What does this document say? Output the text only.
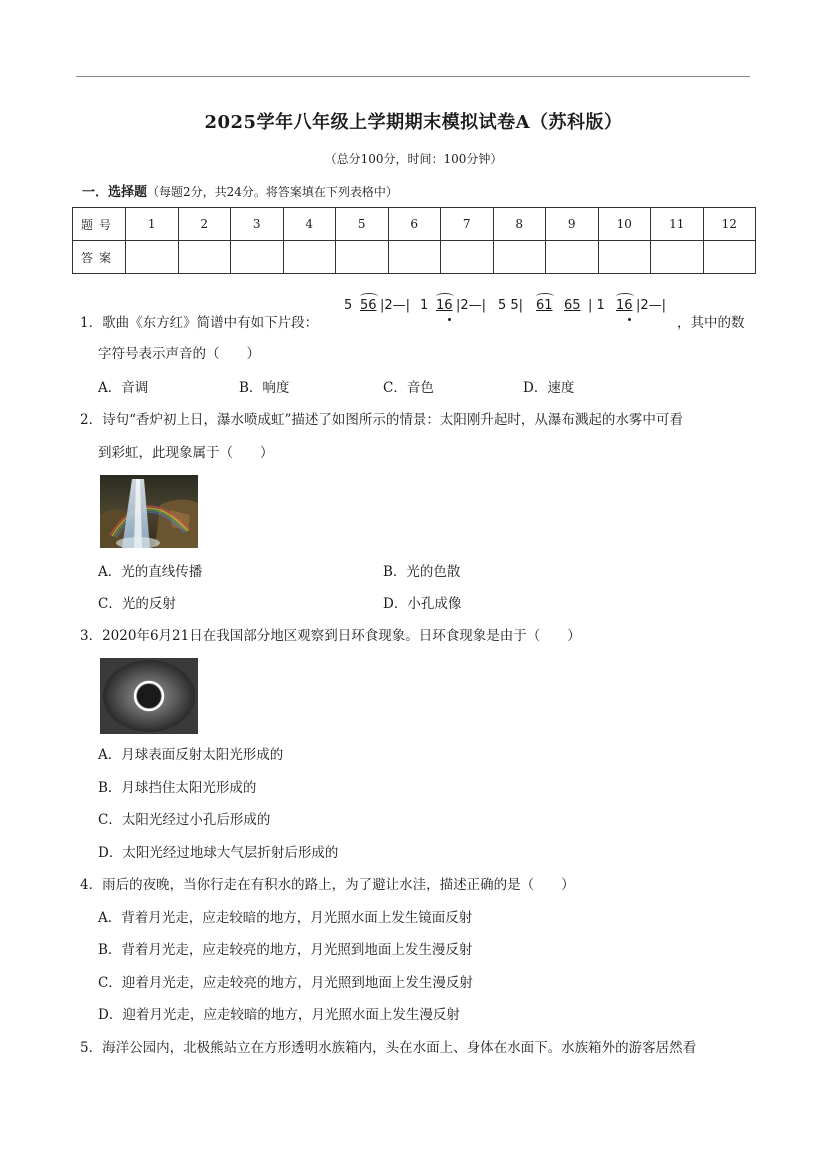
2025学年八年级上学期期末模拟试卷A（苏科版）
（总分100分，时间：100分钟）
一．选择题（每题2分，共24分。将答案填在下列表格中）
题号	1	2	3	4	5	6	7	8	9	10	11	12
答案												
1．歌曲《东方红》简谱中有如下片段：
5 56 |2—| 1 16 |2—| 5 5| 61 65 | 1 16 |2—|
，其中的数
字符号表示声音的（　　）
A．音调	B．响度	C．音色	D．速度
2．诗句“香炉初上日，瀑水喷成虹”描述了如图所示的情景：太阳刚升起时，从瀑布溅起的水雾中可看
到彩虹，此现象属于（　　）
A．光的直线传播	B．光的色散
C．光的反射	D．小孔成像
3．2020年6月21日在我国部分地区观察到日环食现象。日环食现象是由于（　　）
A．月球表面反射太阳光形成的
B．月球挡住太阳光形成的
C．太阳光经过小孔后形成的
D．太阳光经过地球大气层折射后形成的
4．雨后的夜晚，当你行走在有积水的路上，为了避让水洼，描述正确的是（　　）
A．背着月光走，应走较暗的地方，月光照水面上发生镜面反射
B．背着月光走，应走较亮的地方，月光照到地面上发生漫反射
C．迎着月光走，应走较亮的地方，月光照到地面上发生漫反射
D．迎着月光走，应走较暗的地方，月光照水面上发生漫反射
5．海洋公园内，北极熊站立在方形透明水族箱内，头在水面上、身体在水面下。水族箱外的游客居然看
